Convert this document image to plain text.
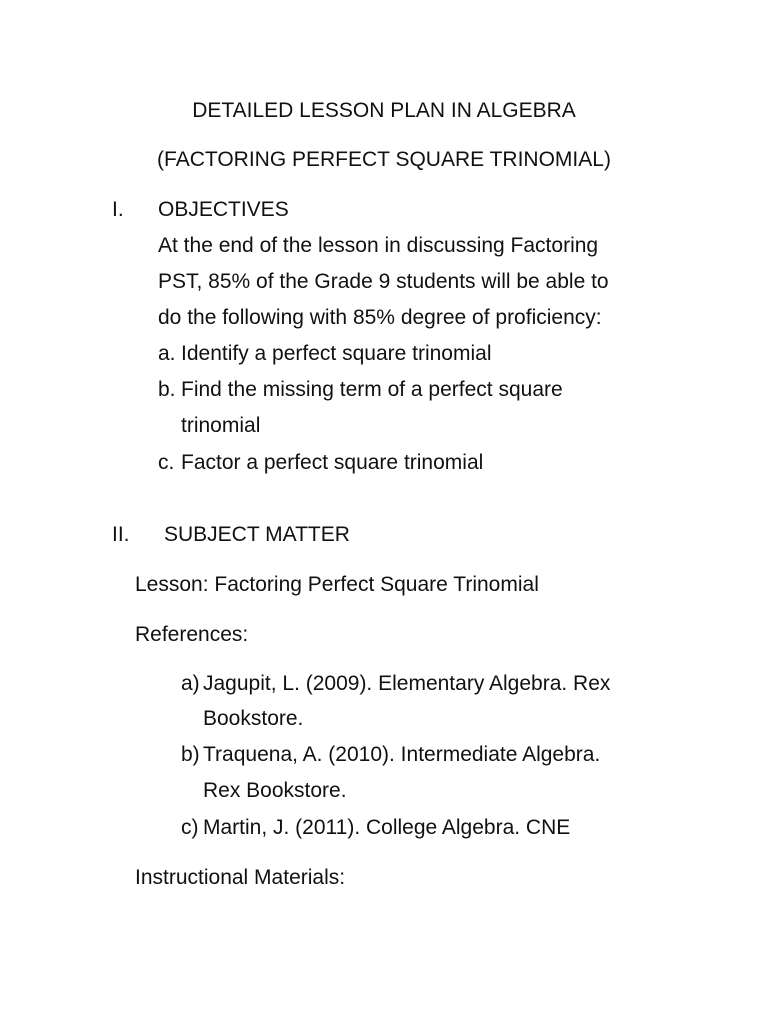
DETAILED LESSON PLAN IN ALGEBRA
(FACTORING PERFECT SQUARE TRINOMIAL)
I. OBJECTIVES
At the end of the lesson in discussing Factoring
PST, 85% of the Grade 9 students will be able to
do the following with 85% degree of proficiency:
a. Identify a perfect square trinomial
b. Find the missing term of a perfect square
trinomial
c. Factor a perfect square trinomial
II. SUBJECT MATTER
Lesson: Factoring Perfect Square Trinomial
References:
a) Jagupit, L. (2009). Elementary Algebra. Rex
Bookstore.
b) Traquena, A. (2010). Intermediate Algebra.
Rex Bookstore.
c) Martin, J. (2011). College Algebra. CNE
Instructional Materials:
